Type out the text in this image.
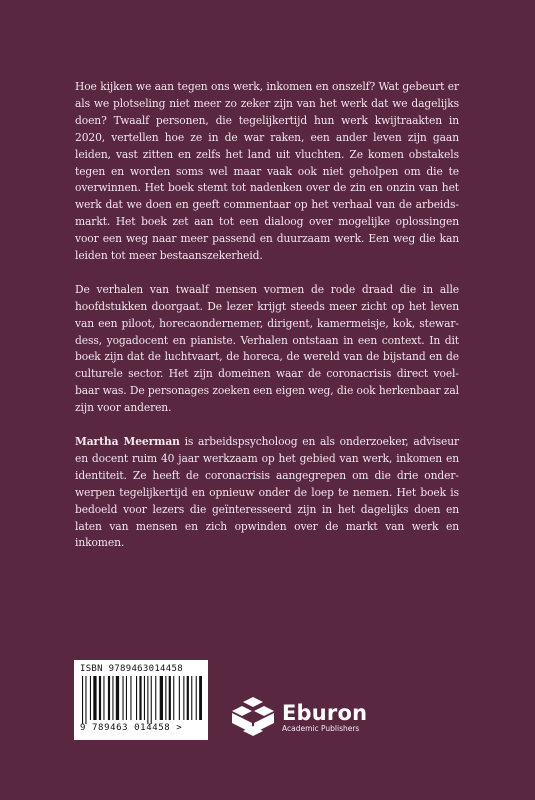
Hoe kijken we aan tegen ons werk, inkomen en onszelf? Wat gebeurt er als we plotseling niet meer zo zeker zijn van het werk dat we dagelijks doen? Twaalf personen, die tegelijkertijd hun werk kwijtraakten in 2020, vertellen hoe ze in de war raken, een ander leven zijn gaan leiden, vast zitten en zelfs het land uit vluchten. Ze komen obstakels tegen en worden soms wel maar vaak ook niet geholpen om die te overwinnen. Het boek stemt tot nadenken over de zin en onzin van het werk dat we doen en geeft commentaar op het verhaal van de arbeidsmarkt. Het boek zet aan tot een dialoog over mogelijke oplossingen voor een weg naar meer passend en duurzaam werk. Een weg die kan leiden tot meer bestaanszekerheid.

De verhalen van twaalf mensen vormen de rode draad die in alle hoofdstukken doorgaat. De lezer krijgt steeds meer zicht op het leven van een piloot, horecaondernemer, dirigent, kamermeisje, kok, stewardess, yogadocent en pianiste. Verhalen ontstaan in een context. In dit boek zijn dat de luchtvaart, de horeca, de wereld van de bijstand en de culturele sector. Het zijn domeinen waar de coronacrisis direct voelbaar was. De personages zoeken een eigen weg, die ook herkenbaar zal zijn voor anderen.

Martha Meerman is arbeidspsycholoog en als onderzoeker, adviseur en docent ruim 40 jaar werkzaam op het gebied van werk, inkomen en identiteit. Ze heeft de coronacrisis aangegrepen om die drie onderwerpen tegelijkertijd en opnieuw onder de loep te nemen. Het boek is bedoeld voor lezers die geïnteresseerd zijn in het dagelijks doen en laten van mensen en zich opwinden over de markt van werk en inkomen.

ISBN 9789463014458
9 789463 014458 >
Eburon
Academic Publishers
